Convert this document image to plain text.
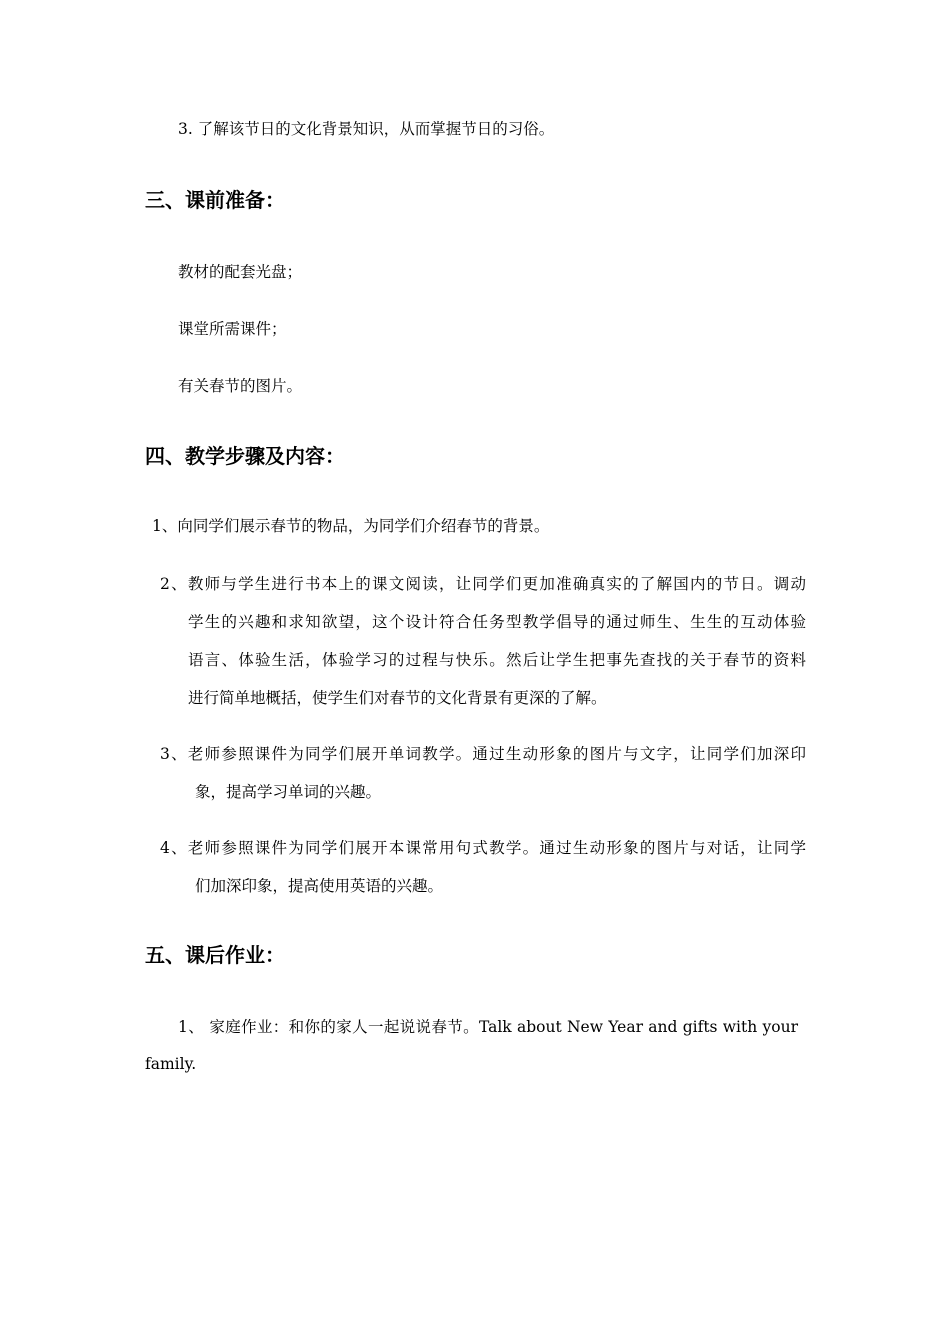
3. 了解该节日的文化背景知识，从而掌握节日的习俗。
三、课前准备：
教材的配套光盘；
课堂所需课件；
有关春节的图片。
四、教学步骤及内容：
1、向同学们展示春节的物品，为同学们介绍春节的背景。
2、教师与学生进行书本上的课文阅读，让同学们更加准确真实的了解国内的节日。调动
学生的兴趣和求知欲望，这个设计符合任务型教学倡导的通过师生、生生的互动体验
语言、体验生活，体验学习的过程与快乐。然后让学生把事先查找的关于春节的资料
进行简单地概括，使学生们对春节的文化背景有更深的了解。
3、老师参照课件为同学们展开单词教学。通过生动形象的图片与文字，让同学们加深印
象，提高学习单词的兴趣。
4、老师参照课件为同学们展开本课常用句式教学。通过生动形象的图片与对话，让同学
们加深印象，提高使用英语的兴趣。
五、课后作业：
1、 家庭作业：和你的家人一起说说春节。Talk about New Year and gifts with your
family.
